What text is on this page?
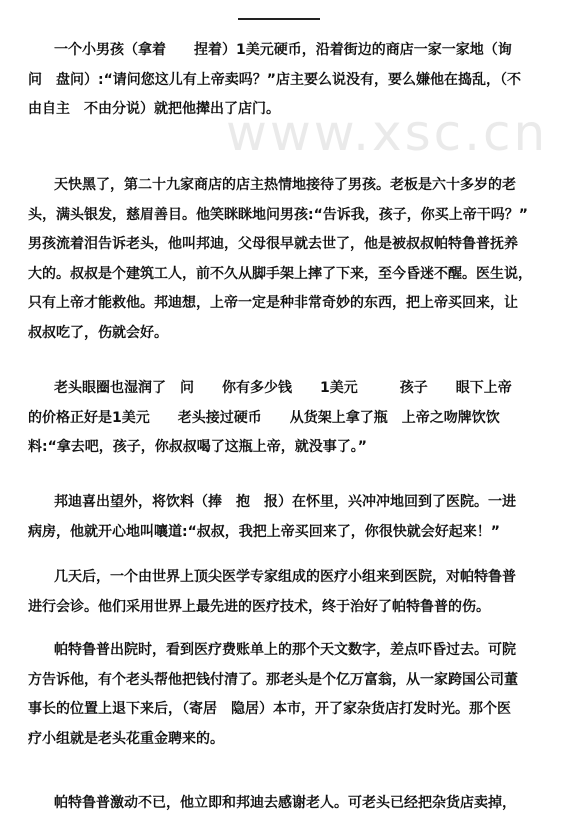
www.xsc.cn
一个小男孩（拿着　　捏着）1美元硬币，沿着街边的商店一家一家地（询
问　盘问）:“请问您这儿有上帝卖吗？”店主要么说没有，要么嫌他在捣乱，（不
由自主　不由分说）就把他撵出了店门。
天快黑了，第二十九家商店的店主热情地接待了男孩。老板是六十多岁的老
头，满头银发，慈眉善目。他笑眯眯地问男孩:“告诉我，孩子，你买上帝干吗？”
男孩流着泪告诉老头，他叫邦迪，父母很早就去世了，他是被叔叔帕特鲁普抚养
大的。叔叔是个建筑工人，前不久从脚手架上摔了下来，至今昏迷不醒。医生说，
只有上帝才能救他。邦迪想，上帝一定是种非常奇妙的东西，把上帝买回来，让
叔叔吃了，伤就会好。
老头眼圈也湿润了　问　　你有多少钱　　1美元　　　孩子　　眼下上帝
的价格正好是1美元　　老头接过硬币　　从货架上拿了瓶　上帝之吻牌饮饮
料:“拿去吧，孩子，你叔叔喝了这瓶上帝，就没事了。”
邦迪喜出望外，将饮料（捧　抱　报）在怀里，兴冲冲地回到了医院。一进
病房，他就开心地叫嚷道:“叔叔，我把上帝买回来了，你很快就会好起来！”
几天后，一个由世界上顶尖医学专家组成的医疗小组来到医院，对帕特鲁普
进行会诊。他们采用世界上最先进的医疗技术，终于治好了帕特鲁普的伤。
帕特鲁普出院时，看到医疗费账单上的那个天文数字，差点吓昏过去。可院
方告诉他，有个老头帮他把钱付清了。那老头是个亿万富翁，从一家跨国公司董
事长的位置上退下来后，（寄居　隐居）本市，开了家杂货店打发时光。那个医
疗小组就是老头花重金聘来的。
帕特鲁普激动不已，他立即和邦迪去感谢老人。可老头已经把杂货店卖掉，
